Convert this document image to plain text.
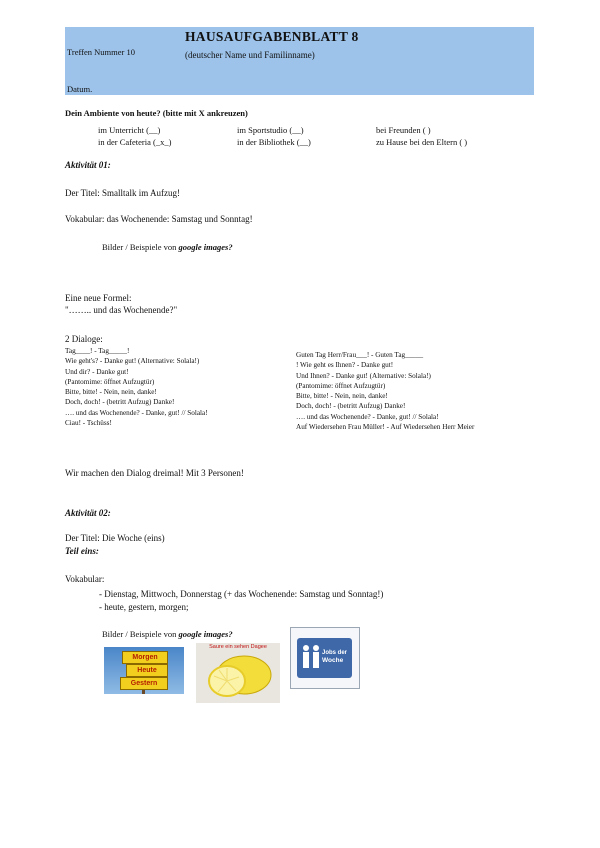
HAUSAUFGABENBLATT 8
(deutscher Name und Familinname)
Treffen Nummer 10
Datum.
Dein Ambiente von heute? (bitte mit X ankreuzen)
im Unterricht (__)	im Sportstudio (__)	bei Freunden ( )
in der Cafeteria (_x_)	in der Bibliothek (__)	zu Hause bei den Eltern ( )
Aktivität 01:
Der Titel: Smalltalk im Aufzug!
Vokabular: das Wochenende: Samstag und Sonntag!
Bilder / Beispiele von google images?
Eine neue Formel:
"…….. und das Wochenende?"
2 Dialoge:
Tag____! - Tag_____!
Wie geht's? - Danke gut! (Alternative: Solala!)
Und dir? - Danke gut!
(Pantomime: öffnet Aufzugtür)
Bitte, bitte! - Nein, nein, danke!
Doch, doch! - (betritt Aufzug) Danke!
…. und das Wochenende? - Danke, gut! // Solala!
Ciau! - Tschüss!
Guten Tag Herr/Frau___! - Guten Tag_____
! Wie geht es Ihnen? - Danke gut!
Und Ihnen? - Danke gut! (Alternative: Solala!)
(Pantomime: öffnet Aufzugtür)
Bitte, bitte! - Nein, nein, danke!
Doch, doch! - (betritt Aufzug) Danke!
…. und das Wochenende? - Danke, gut! // Solala!
Auf Wiedersehen Frau Müller! - Auf Wiedersehen Herr Meier
Wir machen den Dialog dreimal! Mit 3 Personen!
Aktivität 02:
Der Titel: Die Woche (eins)
Teil eins:
Vokabular:
- Dienstag, Mittwoch, Donnerstag (+ das Wochenende: Samstag und Sonntag!)
- heute, gestern, morgen;
Bilder / Beispiele von google images?
Morgen
Heute
Gestern
Saure ein sehen Dagee
Jobs der
Woche
